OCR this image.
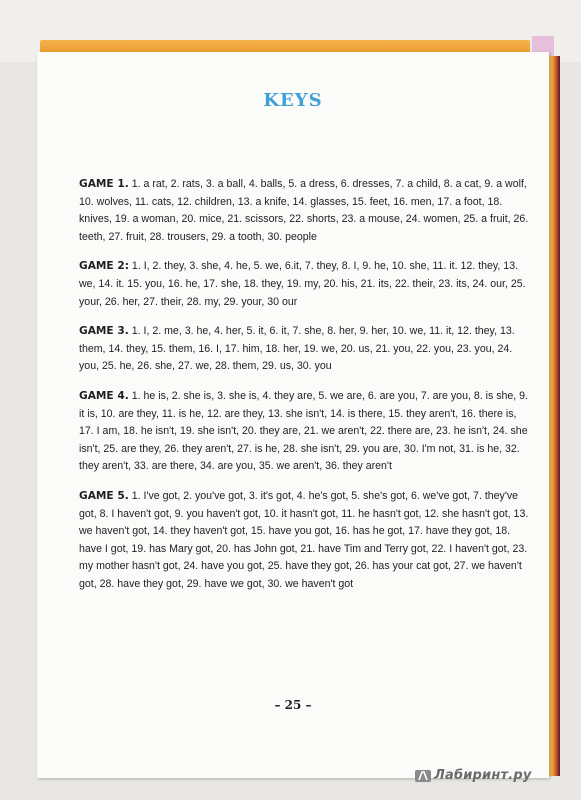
KEYS

GAME 1. 1. a rat, 2. rats, 3. a ball, 4. balls, 5. a dress, 6. dresses, 7. a child, 8. a cat, 9. a wolf, 10. wolves, 11. cats, 12. children, 13. a knife, 14. glasses, 15. feet, 16. men, 17. a foot, 18. knives, 19. a woman, 20. mice, 21. scissors, 22. shorts, 23. a mouse, 24. women, 25. a fruit, 26. teeth, 27. fruit, 28. trousers, 29. a tooth, 30. people

GAME 2: 1. I, 2. they, 3. she, 4. he, 5. we, 6.it, 7. they, 8. I, 9. he, 10. she, 11. it. 12. they, 13. we, 14. it. 15. you, 16. he, 17. she, 18. they, 19. my, 20. his, 21. its, 22. their, 23. its, 24. our, 25. your, 26. her, 27. their, 28. my, 29. your, 30 our

GAME 3. 1. I, 2. me, 3. he, 4. her, 5. it, 6. it, 7. she, 8. her, 9. her, 10. we, 11. it, 12. they, 13. them, 14. they, 15. them, 16. I, 17. him, 18. her, 19. we, 20. us, 21. you, 22. you, 23. you, 24. you, 25. he, 26. she, 27. we, 28. them, 29. us, 30. you

GAME 4. 1. he is, 2. she is, 3. she is, 4. they are, 5. we are, 6. are you, 7. are you, 8. is she, 9. it is, 10. are they, 11. is he, 12. are they, 13. she isn't, 14. is there, 15. they aren't, 16. there is, 17. I am, 18. he isn't, 19. she isn't, 20. they are, 21. we aren't, 22. there are, 23. he isn't, 24. she isn't, 25. are they, 26. they aren't, 27. is he, 28. she isn't, 29. you are, 30. I'm not, 31. is he, 32. they aren't, 33. are there, 34. are you, 35. we aren't, 36. they aren't

GAME 5. 1. I've got, 2. you've got, 3. it's got, 4. he's got, 5. she's got, 6. we've got, 7. they've got, 8. I haven't got, 9. you haven't got, 10. it hasn't got, 11. he hasn't got, 12. she hasn't got, 13. we haven't got, 14. they haven't got, 15. have you got, 16. has he got, 17. have they got, 18. have I got, 19. has Mary got, 20. has John got, 21. have Tim and Terry got, 22. I haven't got, 23. my mother hasn't got, 24. have you got, 25. have they got, 26. has your cat got, 27. we haven't got, 28. have they got, 29. have we got, 30. we haven't got

– 25 –
Лабиринт.ру
